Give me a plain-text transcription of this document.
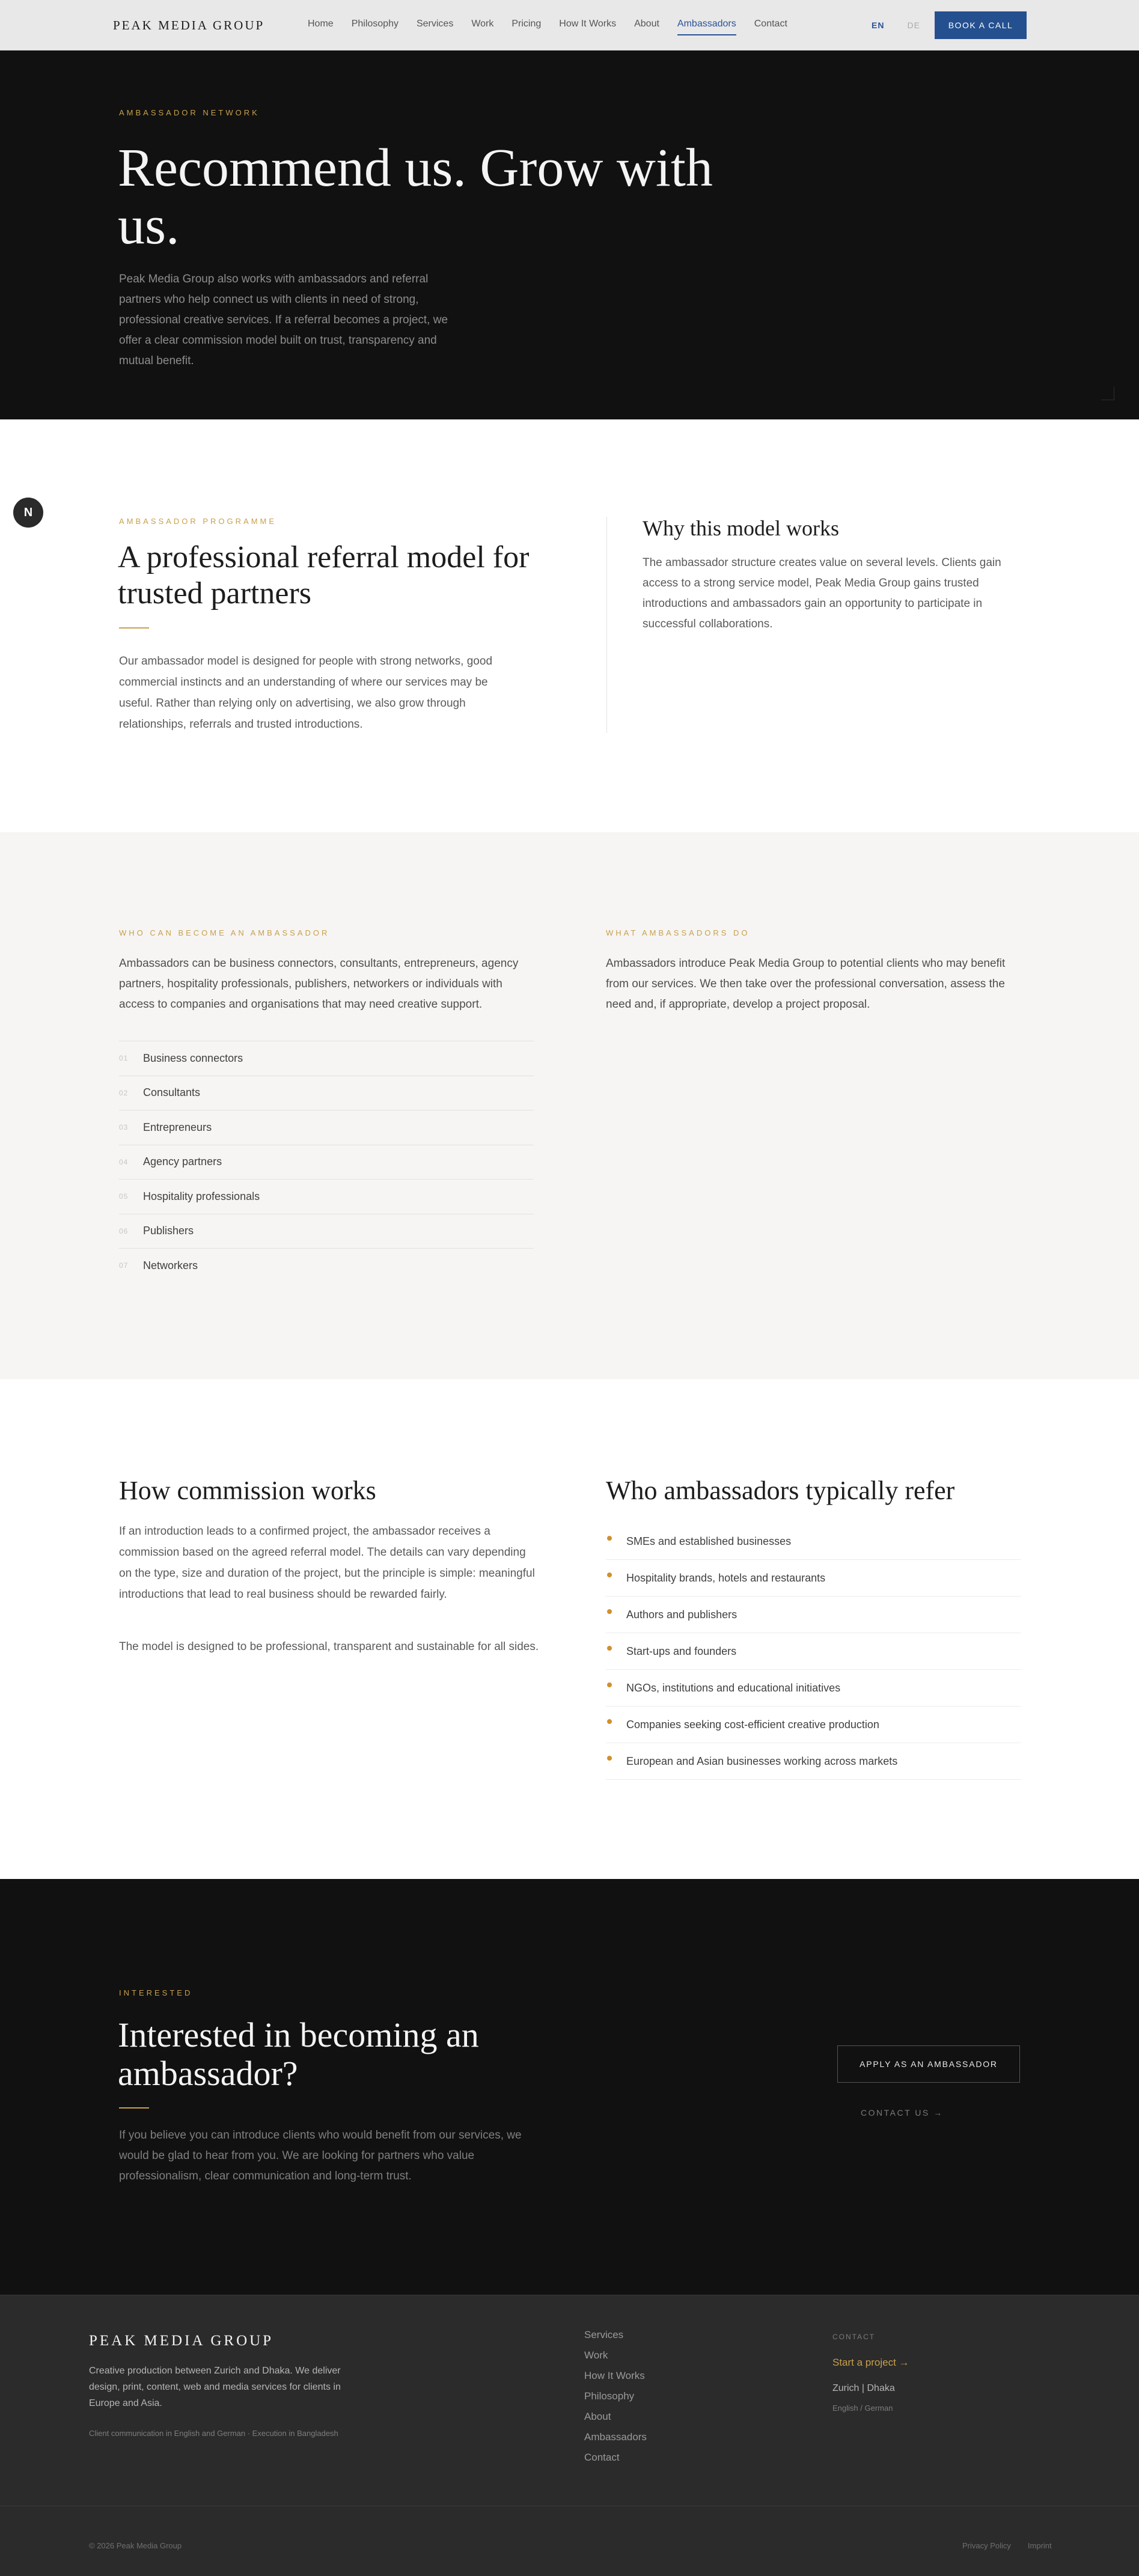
PEAK MEDIA GROUP	Home Philosophy Services Work Pricing How It Works About Ambassadors Contact	EN	DE	BOOK A CALL
AMBASSADOR NETWORK
Recommend us. Grow with us.

Peak Media Group also works with ambassadors and referral partners who help connect us with clients in need of strong, professional creative services. If a referral becomes a project, we offer a clear commission model built on trust, transparency and mutual benefit.

N
AMBASSADOR PROGRAMME
A professional referral model for trusted partners

Our ambassador model is designed for people with strong networks, good commercial instincts and an understanding of where our services may be useful. Rather than relying only on advertising, we also grow through relationships, referrals and trusted introductions.

Why this model works

The ambassador structure creates value on several levels. Clients gain access to a strong service model, Peak Media Group gains trusted introductions and ambassadors gain an opportunity to participate in successful collaborations.

WHO CAN BECOME AN AMBASSADOR

Ambassadors can be business connectors, consultants, entrepreneurs, agency partners, hospitality professionals, publishers, networkers or individuals with access to companies and organisations that may need creative support.

WHAT AMBASSADORS DO

Ambassadors introduce Peak Media Group to potential clients who may benefit from our services. We then take over the professional conversation, assess the need and, if appropriate, develop a project proposal.

01	Business connectors
02	Consultants
03	Entrepreneurs
04	Agency partners
05	Hospitality professionals
06	Publishers
07	Networkers
How commission works

If an introduction leads to a confirmed project, the ambassador receives a commission based on the agreed referral model. The details can vary depending on the type, size and duration of the project, but the principle is simple: meaningful introductions that lead to real business should be rewarded fairly.

The model is designed to be professional, transparent and sustainable for all sides.

Who ambassadors typically refer
SMEs and established businesses
Hospitality brands, hotels and restaurants
Authors and publishers
Start-ups and founders
NGOs, institutions and educational initiatives
Companies seeking cost-efficient creative production
European and Asian businesses working across markets
INTERESTED
Interested in becoming an ambassador?

If you believe you can introduce clients who would benefit from our services, we would be glad to hear from you. We are looking for partners who value professionalism, clear communication and long-term trust.

APPLY AS AN AMBASSADOR
CONTACT US →
PEAK MEDIA GROUP

Creative production between Zurich and Dhaka. We deliver design, print, content, web and media services for clients in Europe and Asia.

Client communication in English and German · Execution in Bangladesh
Services
Work
How It Works
Philosophy
About
Ambassadors
Contact
CONTACT
Start a project →
Zurich | Dhaka
English / German
© 2026 Peak Media Group	Privacy Policy Imprint
